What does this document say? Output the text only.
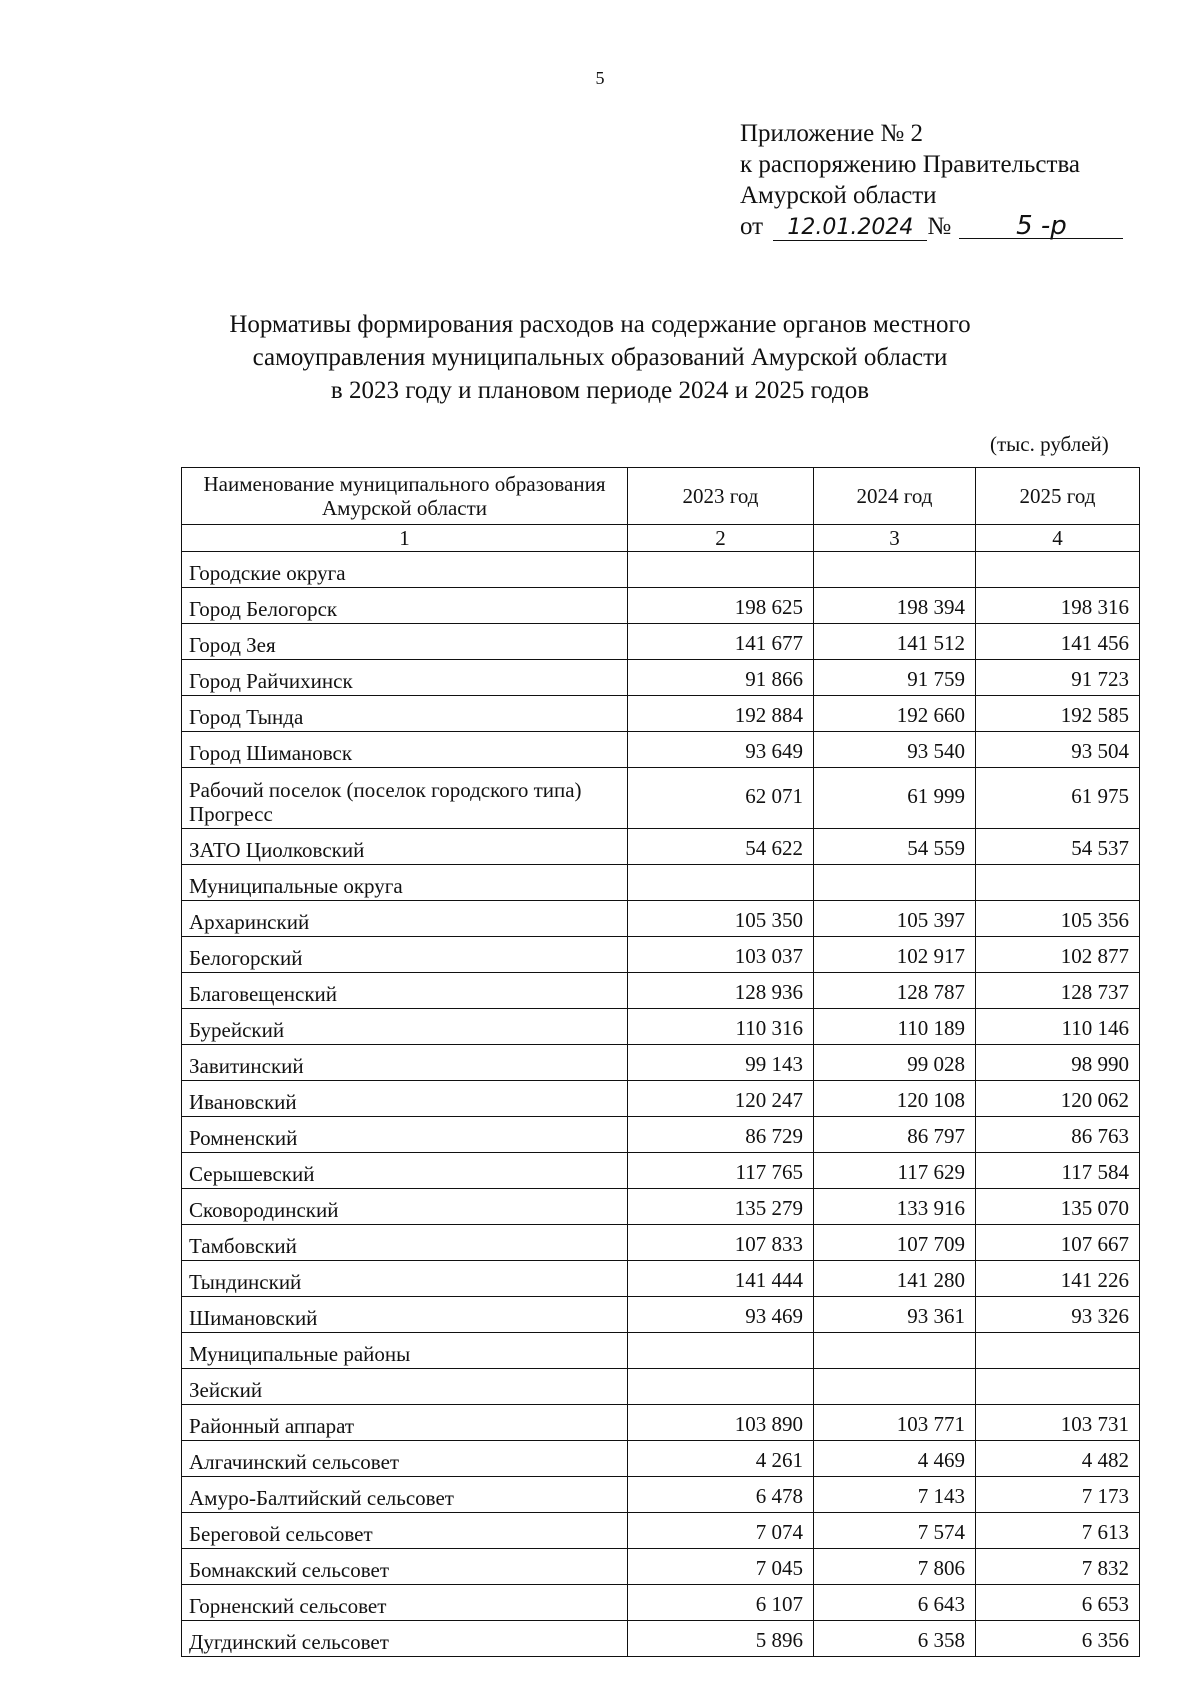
5
Приложение № 2
к распоряжению Правительства
Амурской области
от 12.01.2024 № 5 -р
Нормативы формирования расходов на содержание органов местного
самоуправления муниципальных образований Амурской области
в 2023 году и плановом периоде 2024 и 2025 годов
(тыс. рублей)
Наименование муниципального образования Амурской области	2023 год	2024 год	2025 год
1	2	3	4
Городские округа			
Город Белогорск	198 625	198 394	198 316
Город Зея	141 677	141 512	141 456
Город Райчихинск	91 866	91 759	91 723
Город Тында	192 884	192 660	192 585
Город Шимановск	93 649	93 540	93 504
Рабочий поселок (поселок городского типа) Прогресс	62 071	61 999	61 975
ЗАТО Циолковский	54 622	54 559	54 537
Муниципальные округа			
Архаринский	105 350	105 397	105 356
Белогорский	103 037	102 917	102 877
Благовещенский	128 936	128 787	128 737
Бурейский	110 316	110 189	110 146
Завитинский	99 143	99 028	98 990
Ивановский	120 247	120 108	120 062
Ромненский	86 729	86 797	86 763
Серышевский	117 765	117 629	117 584
Сковородинский	135 279	133 916	135 070
Тамбовский	107 833	107 709	107 667
Тындинский	141 444	141 280	141 226
Шимановский	93 469	93 361	93 326
Муниципальные районы			
Зейский			
Районный аппарат	103 890	103 771	103 731
Алгачинский сельсовет	4 261	4 469	4 482
Амуро-Балтийский сельсовет	6 478	7 143	7 173
Береговой сельсовет	7 074	7 574	7 613
Бомнакский сельсовет	7 045	7 806	7 832
Горненский сельсовет	6 107	6 643	6 653
Дугдинский сельсовет	5 896	6 358	6 356
